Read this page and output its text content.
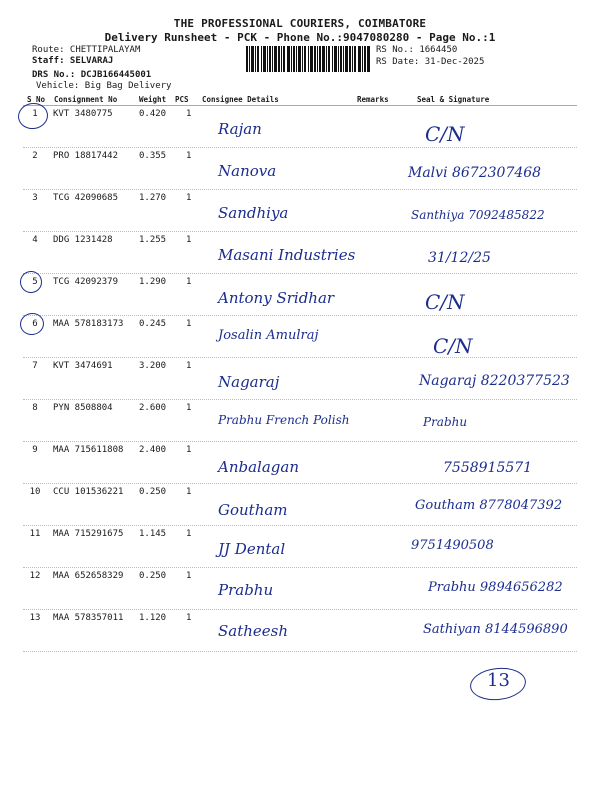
THE PROFESSIONAL COURIERS, COIMBATORE
Delivery Runsheet - PCK - Phone No.:9047080280 - Page No.:1
Route: CHETTIPALAYAM
Staff: SELVARAJ
DRS No.: DCJB166445001
Vehicle: Big Bag Delivery
RS No.: 1664450
RS Date: 31-Dec-2025
S No Consignment No	Weight PCS Consignee Details	Remarks	Seal & Signature
1	KVT 3480775	0.420 1
Rajan	C/N
2	PRO 18817442 0.355 1
Nanova	Malvi 8672307468
3	TCG 42090685 1.270 1
Sandhiya	Santhiya 7092485822
4	DDG 1231428	1.255 1
Masani Industries	31/12/25
5	TCG 42092379 1.290 1
Antony Sridhar	C/N
6	MAA 578183173 0.245 1
Josalin Amulraj	C/N
7	KVT 3474691	3.200 1
Nagaraj	Nagaraj 8220377523
8	PYN 8508804	2.600 1
Prabhu French Polish	Prabhu
9	MAA 715611808 2.400 1
Anbalagan	7558915571
10 CCU 101536221 0.250 1
Goutham	Goutham 8778047392
11 MAA 715291675 1.145 1
JJ Dental	9751490508
12 MAA 652658329 0.250 1
Prabhu	Prabhu 9894656282
13 MAA 578357011 1.120 1
Satheesh	Sathiyan 8144596890
13
